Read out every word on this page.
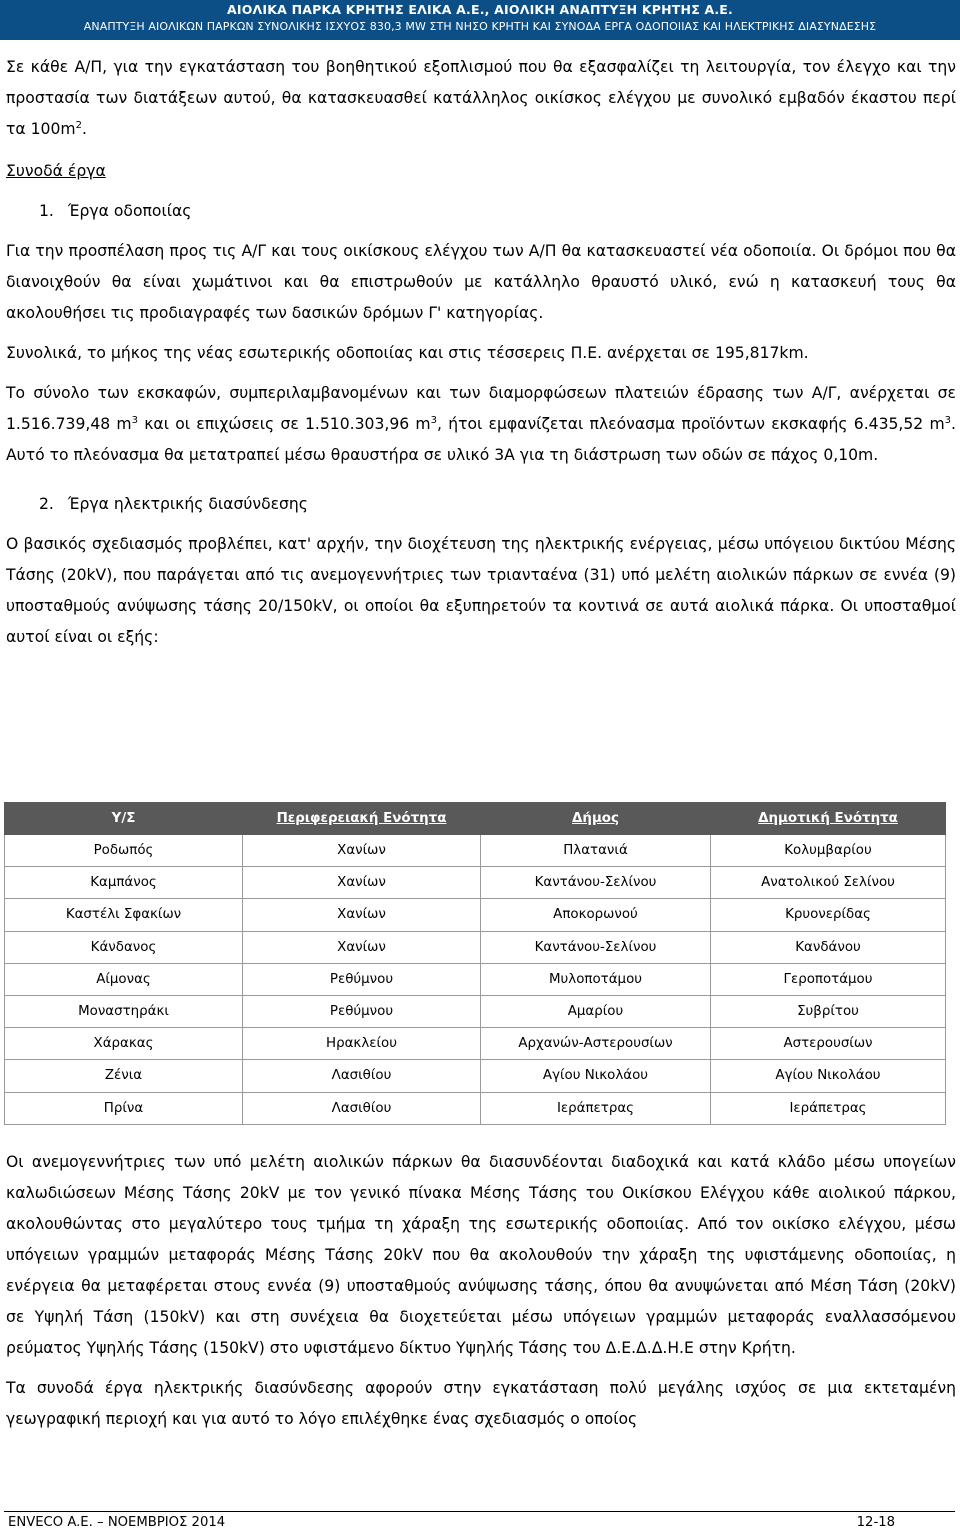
ΑΙΟΛΙΚΑ ΠΑΡΚΑ ΚΡΗΤΗΣ ΕΛΙΚΑ Α.Ε., ΑΙΟΛΙΚΗ ΑΝΑΠΤΥΞΗ ΚΡΗΤΗΣ Α.Ε.
ΑΝΑΠΤΥΞΗ ΑΙΟΛΙΚΩΝ ΠΑΡΚΩΝ ΣΥΝΟΛΙΚΗΣ ΙΣΧΥΟΣ 830,3 MW ΣΤΗ ΝΗΣΟ ΚΡΗΤΗ ΚΑΙ ΣΥΝΟΔΑ ΕΡΓΑ ΟΔΟΠΟΙΙΑΣ ΚΑΙ ΗΛΕΚΤΡΙΚΗΣ ΔΙΑΣΥΝΔΕΣΗΣ

Σε κάθε Α/Π, για την εγκατάσταση του βοηθητικού εξοπλισμού που θα εξασφαλίζει τη λειτουργία, τον έλεγχο και την προστασία των διατάξεων αυτού, θα κατασκευασθεί κατάλληλος οικίσκος ελέγχου με συνολικό εμβαδόν έκαστου περί τα $100m^2$.

Συνοδά έργα
1. Έργα οδοποιίας

Για την προσπέλαση προς τις Α/Γ και τους οικίσκους ελέγχου των Α/Π θα κατασκευαστεί νέα οδοποιία. Οι δρόμοι που θα διανοιχθούν θα είναι χωμάτινοι και θα επιστρωθούν με κατάλληλο θραυστό υλικό, ενώ η κατασκευή τους θα ακολουθήσει τις προδιαγραφές των δασικών δρόμων Γ' κατηγορίας.

Συνολικά, το μήκος της νέας εσωτερικής οδοποιίας και στις τέσσερεις Π.Ε. ανέρχεται σε 195,817km.

Το σύνολο των εκσκαφών, συμπεριλαμβανομένων και των διαμορφώσεων πλατειών έδρασης των Α/Γ, ανέρχεται σε 1.516.739,48 $m^3$ και οι επιχώσεις σε 1.510.303,96 $m^3$, ήτοι εμφανίζεται πλεόνασμα προϊόντων εκσκαφής 6.435,52 $m^3$. Αυτό το πλεόνασμα θα μετατραπεί μέσω θραυστήρα σε υλικό 3Α για τη διάστρωση των οδών σε πάχος 0,10m.

2. Έργα ηλεκτρικής διασύνδεσης

Ο βασικός σχεδιασμός προβλέπει, κατ' αρχήν, την διοχέτευση της ηλεκτρικής ενέργειας, μέσω υπόγειου δικτύου Μέσης Τάσης (20kV), που παράγεται από τις ανεμογεννήτριες των τριανταένα (31) υπό μελέτη αιολικών πάρκων σε εννέα (9) υποσταθμούς ανύψωσης τάσης 20/150kV, οι οποίοι θα εξυπηρετούν τα κοντινά σε αυτά αιολικά πάρκα. Οι υποσταθμοί αυτοί είναι οι εξής:

Υ/Σ	Περιφερειακή Ενότητα	Δήμος	Δημοτική Ενότητα
Ροδωπός	Χανίων	Πλατανιά	Κολυμβαρίου
Καμπάνος	Χανίων	Καντάνου-Σελίνου	Ανατολικού Σελίνου
Καστέλι Σφακίων	Χανίων	Αποκορωνού	Κρυονερίδας
Κάνδανος	Χανίων	Καντάνου-Σελίνου	Κανδάνου
Αίμονας	Ρεθύμνου	Μυλοποτάμου	Γεροποτάμου
Μοναστηράκι	Ρεθύμνου	Αμαρίου	Συβρίτου
Χάρακας	Ηρακλείου	Αρχανών-Αστερουσίων	Αστερουσίων
Ζένια	Λασιθίου	Αγίου Νικολάου	Αγίου Νικολάου
Πρίνα	Λασιθίου	Ιεράπετρας	Ιεράπετρας

Οι ανεμογεννήτριες των υπό μελέτη αιολικών πάρκων θα διασυνδέονται διαδοχικά και κατά κλάδο μέσω υπογείων καλωδιώσεων Μέσης Τάσης 20kV με τον γενικό πίνακα Μέσης Τάσης του Οικίσκου Ελέγχου κάθε αιολικού πάρκου, ακολουθώντας στο μεγαλύτερο τους τμήμα τη χάραξη της εσωτερικής οδοποιίας. Από τον οικίσκο ελέγχου, μέσω υπόγειων γραμμών μεταφοράς Μέσης Τάσης 20kV που θα ακολουθούν την χάραξη της υφιστάμενης οδοποιίας, η ενέργεια θα μεταφέρεται στους εννέα (9) υποσταθμούς ανύψωσης τάσης, όπου θα ανυψώνεται από Μέση Τάση (20kV) σε Υψηλή Τάση (150kV) και στη συνέχεια θα διοχετεύεται μέσω υπόγειων γραμμών μεταφοράς εναλλασσόμενου ρεύματος Υψηλής Τάσης (150kV) στο υφιστάμενο δίκτυο Υψηλής Τάσης του Δ.Ε.Δ.Δ.Η.Ε στην Κρήτη.

Τα συνοδά έργα ηλεκτρικής διασύνδεσης αφορούν στην εγκατάσταση πολύ μεγάλης ισχύος σε μια εκτεταμένη γεωγραφική περιοχή και για αυτό το λόγο επιλέχθηκε ένας σχεδιασμός ο οποίος

ENVECO A.E. – ΝΟΕΜΒΡΙΟΣ 2014	12-18
